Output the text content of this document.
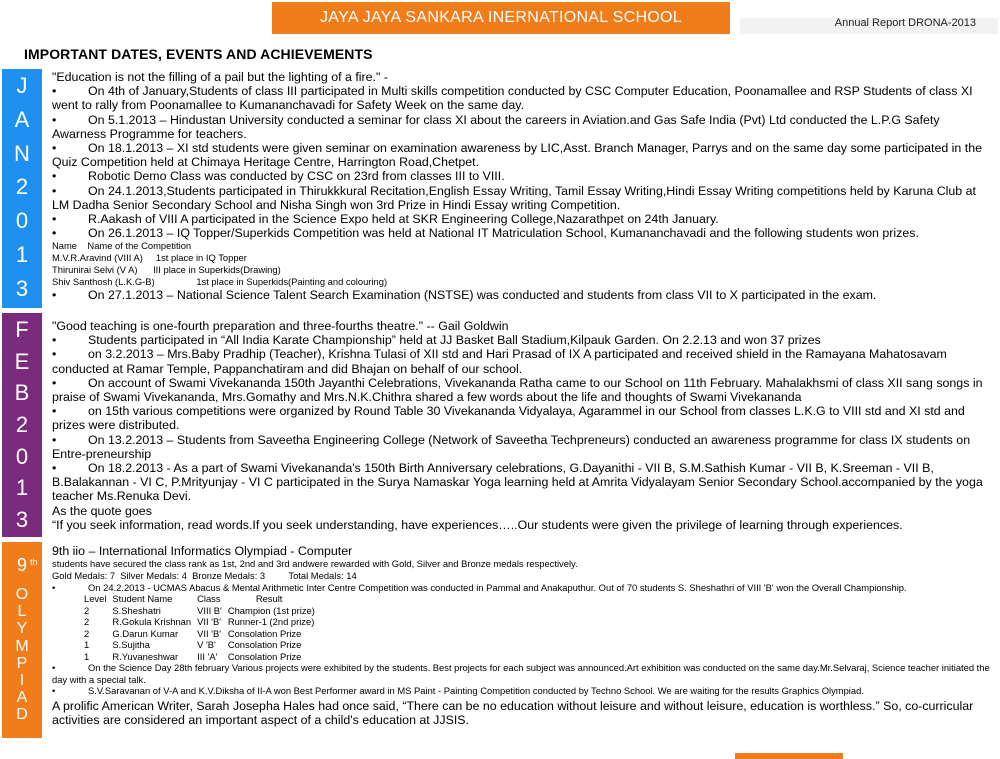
JAYA JAYA SANKARA INERNATIONAL SCHOOL	Annual Report DRONA-2013
IMPORTANT DATES, EVENTS AND ACHIEVEMENTS
J
A
N
2
0
1
3

"Education is not the filling of a pail but the lighting of a fire." -

•	On 4th of January,Students of class III participated in Multi skills competition conducted by CSC Computer Education, Poonamallee and RSP Students of class XI went to rally from Poonamallee to Kumananchavadi for Safety Week on the same day.

•	On 5.1.2013 – Hindustan University conducted a seminar for class XI about the careers in Aviation.and Gas Safe India (Pvt) Ltd conducted the L.P.G Safety Awarness Programme for teachers.

•	On 18.1.2013 – XI std students were given seminar on examination awareness by LIC,Asst. Branch Manager, Parrys and on the same day some participated in the Quiz Competition held at Chimaya Heritage Centre, Harrington Road,Chetpet.

•	Robotic Demo Class was conducted by CSC on 23rd from classes III to VIII.

•	On 24.1.2013,Students participated in Thirukkkural Recitation,English Essay Writing, Tamil Essay Writing,Hindi Essay Writing competitions held by Karuna Club at LM Dadha Senior Secondary School and Nisha Singh won 3rd Prize in Hindi Essay writing Competition.

•	R.Aakash of VIII A participated in the Science Expo held at SKR Engineering College,Nazarathpet on 24th January.

•	On 26.1.2013 – IQ Topper/Superkids Competition was held at National IT Matriculation School, Kumananchavadi and the following students won prizes.

Name    Name of the Competition
M.V.R.Aravind (VIII A)     1st place in IQ Topper
Thirunirai Selvi (V A)      III place in Superkids(Drawing)
Shiv Santhosh (L.K.G-B)                1st place in Superkids(Painting and colouring)

•	On 27.1.2013 – National Science Talent Search Examination (NSTSE) was conducted and students from class VII to X participated in the exam.

F
E
B
2
0
1
3

"Good teaching is one-fourth preparation and three-fourths theatre." -- Gail Goldwin

•	Students participated in “All India Karate Championship” held at JJ Basket Ball Stadium,Kilpauk Garden. On 2.2.13 and won 37 prizes

•	on 3.2.2013 – Mrs.Baby Pradhip (Teacher), Krishna Tulasi of XII std and Hari Prasad of IX A participated and received shield in the Ramayana Mahatosavam conducted at Ramar Temple, Pappanchatiram and did Bhajan on behalf of our school.

•	On account of Swami Vivekananda 150th Jayanthi Celebrations, Vivekananda Ratha came to our School on 11th February. Mahalakhsmi of class XII sang songs in praise of Swami Vivekananda, Mrs.Gomathy and Mrs.N.K.Chithra shared a few words about the life and thoughts of Swami Vivekananda

•	on 15th various competitions were organized by Round Table 30 Vivekananda Vidyalaya, Agarammel in our School from classes L.K.G to VIII std and XI std and prizes were distributed.

•	On 13.2.2013 – Students from Saveetha Engineering College (Network of Saveetha Techpreneurs) conducted an awareness programme for class IX students on Entre-preneurship

•	On 18.2.2013 - As a part of Swami Vivekananda's 150th Birth Anniversary celebrations, G.Dayanithi - VII B, S.M.Sathish Kumar - VII B, K.Sreeman - VII B, B.Balakannan - VI C, P.Mrityunjay - VI C participated in the Surya Namaskar Yoga learning held at Amrita Vidyalayam Senior Secondary School.accompanied by the yoga teacher Ms.Renuka Devi.

As the quote goes

“If you seek information, read words.If you seek understanding, have experiences…..Our students were given the privilege of learning through experiences.

9 th
O
L
Y
M
P
I
A
D

9th iio – International Informatics Olympiad - Computer

students have secured the class rank as 1st, 2nd and 3rd andwere rewarded with Gold, Silver and Bronze medals respectively.
Gold Medals: 7  Silver Medals: 4  Bronze Medals: 3         Total Medals: 14

•	On 24.2.2013 - UCMAS Abacus & Mental Arithmetic Inter Centre Competition was conducted in Pammal and Anakaputhur. Out of 70 students S. Sheshathri of VIII 'B' won the Overall Championship.

Level	Student Name	Class	Result
2	S.Sheshatri	VIII B'	Champion (1st prize)
2	R.Gokula Krishnan	VII 'B'	Runner-1 (2nd prize)
2	G.Darun Kumar	VII 'B'	Consolation Prize
1	S.Sujitha	V 'B'	Consolation Prize
1	R.Yuvaneshwar	III 'A'	Consolation Prize

•	On the Science Day 28th february Various projects were exhibited by the students. Best projects for each subject was announced.Art exhibition was conducted on the same day.Mr.Selvaraj, Science teacher initiated the day with a special talk.

•	S.V.Saravanan of V-A and K.V.Diksha of II-A won Best Performer award in MS Paint - Painting Competition conducted by Techno School. We are waiting for the results Graphics Olympiad.

A prolific American Writer, Sarah Josepha Hales had once said, “There can be no education without leisure and without leisure, education is worthless.” So, co-curricular activities are considered an important aspect of a child's education at JJSIS.
